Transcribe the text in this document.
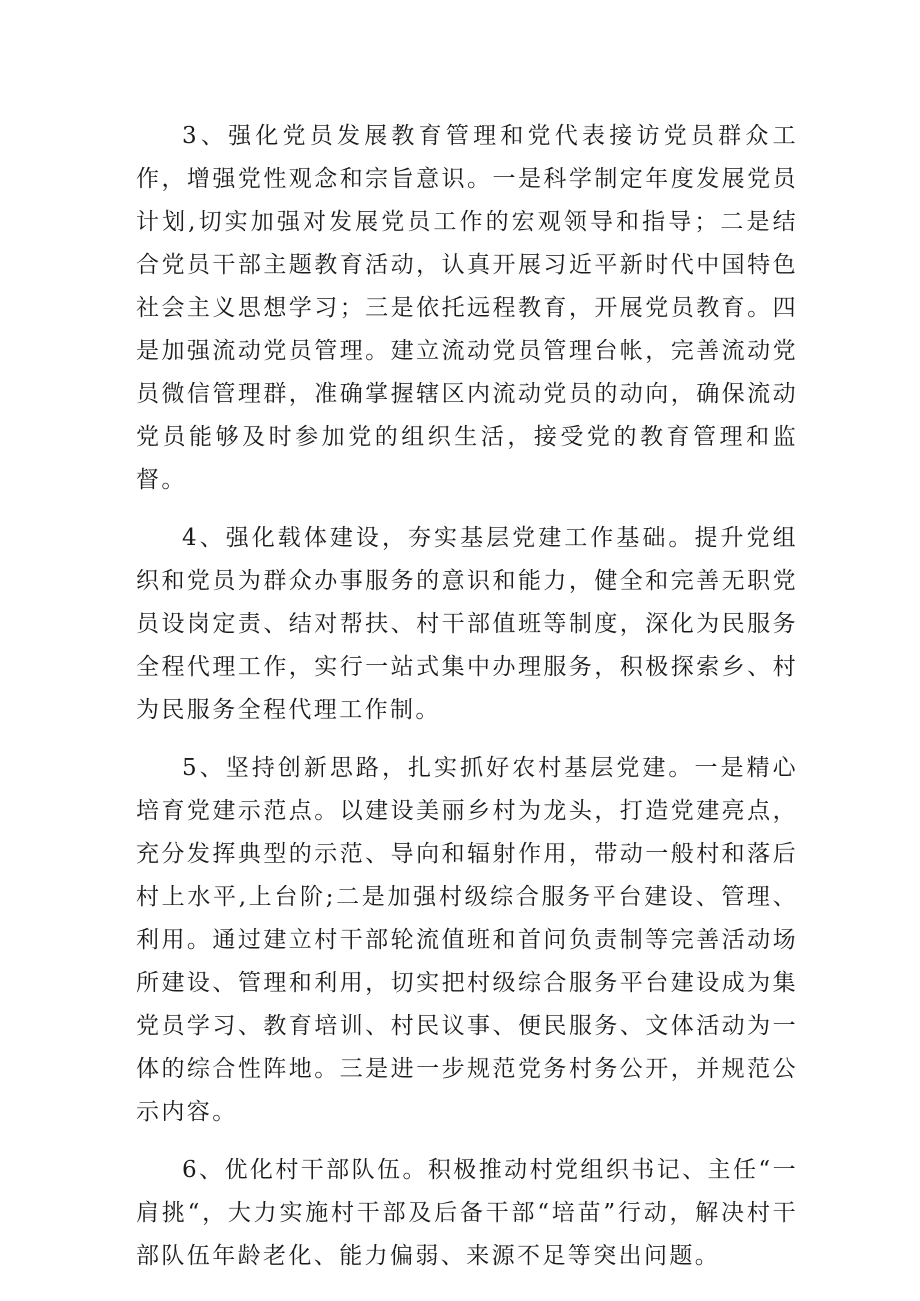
3、强化党员发展教育管理和党代表接访党员群众工作，增强党性观念和宗旨意识。一是科学制定年度发展党员计划,切实加强对发展党员工作的宏观领导和指导；二是结合党员干部主题教育活动，认真开展习近平新时代中国特色社会主义思想学习；三是依托远程教育，开展党员教育。四是加强流动党员管理。建立流动党员管理台帐，完善流动党员微信管理群，准确掌握辖区内流动党员的动向，确保流动党员能够及时参加党的组织生活，接受党的教育管理和监督。

4、强化载体建设，夯实基层党建工作基础。提升党组织和党员为群众办事服务的意识和能力，健全和完善无职党员设岗定责、结对帮扶、村干部值班等制度，深化为民服务全程代理工作，实行一站式集中办理服务，积极探索乡、村为民服务全程代理工作制。

5、坚持创新思路，扎实抓好农村基层党建。一是精心培育党建示范点。以建设美丽乡村为龙头，打造党建亮点，充分发挥典型的示范、导向和辐射作用，带动一般村和落后村上水平,上台阶;二是加强村级综合服务平台建设、管理、利用。通过建立村干部轮流值班和首问负责制等完善活动场所建设、管理和利用，切实把村级综合服务平台建设成为集党员学习、教育培训、村民议事、便民服务、文体活动为一体的综合性阵地。三是进一步规范党务村务公开，并规范公示内容。

6、优化村干部队伍。积极推动村党组织书记、主任“一肩挑“，大力实施村干部及后备干部“培苗”行动，解决村干部队伍年龄老化、能力偏弱、来源不足等突出问题。
